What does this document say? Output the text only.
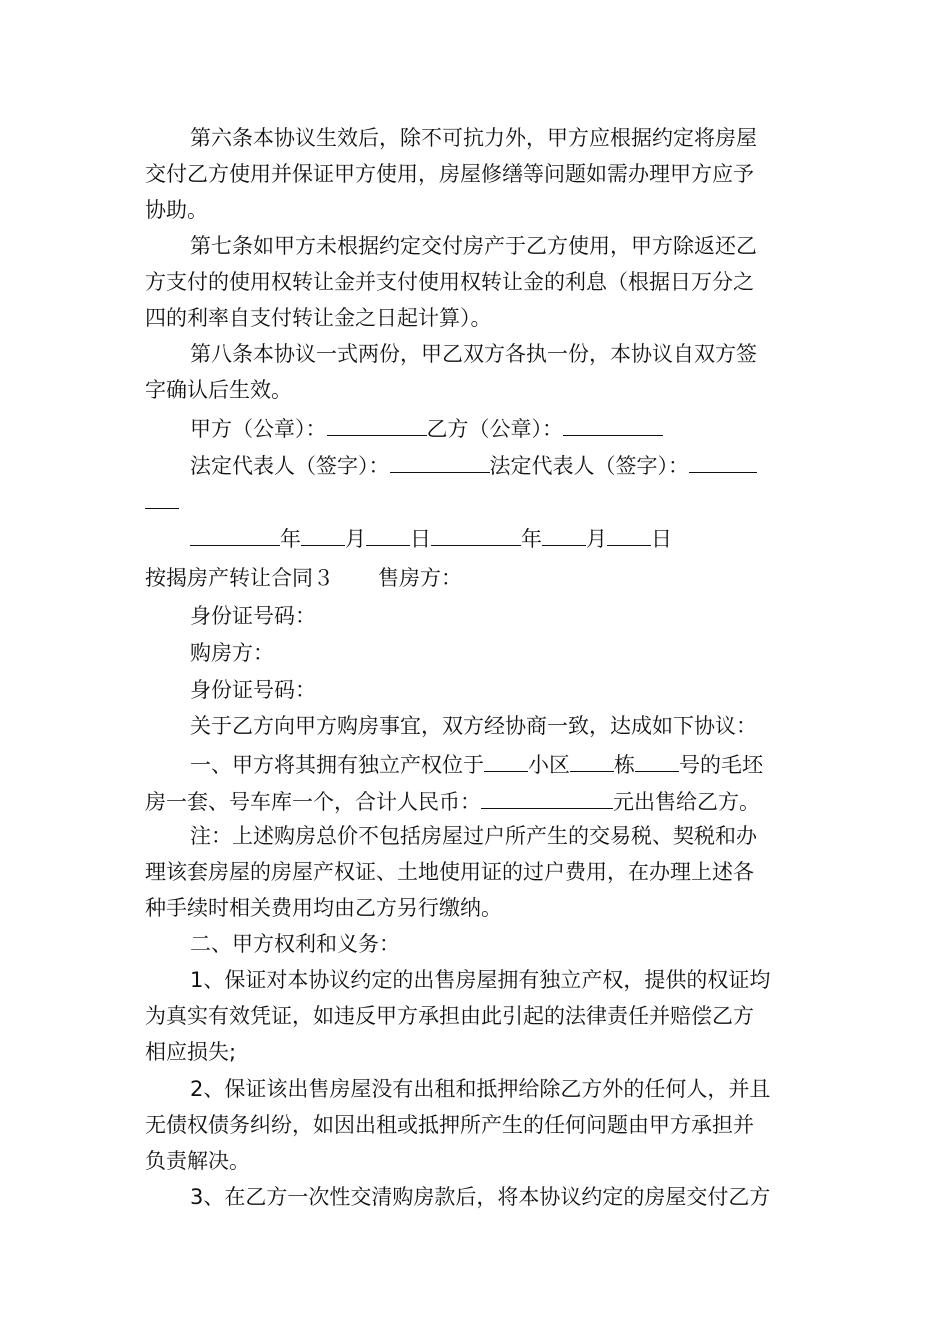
第六条本协议生效后，除不可抗力外，甲方应根据约定将房屋
交付乙方使用并保证甲方使用，房屋修缮等问题如需办理甲方应予
协助。
第七条如甲方未根据约定交付房产于乙方使用，甲方除返还乙
方支付的使用权转让金并支付使用权转让金的利息（根据日万分之
四的利率自支付转让金之日起计算）。
第八条本协议一式两份，甲乙双方各执一份，本协议自双方签
字确认后生效。
甲方（公章）：	乙方（公章）：
法定代表人（签字）：	法定代表人（签字）：
年 月 日	年 月 日
按揭房产转让合同３ 售房方：
身份证号码：
购房方：
身份证号码：
关于乙方向甲方购房事宜，双方经协商一致，达成如下协议：
一、甲方将其拥有独立产权位于 小区 栋 号的毛坯
房一套、号车库一个，合计人民币：	元出售给乙方。
注：上述购房总价不包括房屋过户所产生的交易税、契税和办
理该套房屋的房屋产权证、土地使用证的过户费用，在办理上述各
种手续时相关费用均由乙方另行缴纳。
二、甲方权利和义务：
1、保证对本协议约定的出售房屋拥有独立产权，提供的权证均
为真实有效凭证，如违反甲方承担由此引起的法律责任并赔偿乙方
相应损失;
2、保证该出售房屋没有出租和抵押给除乙方外的任何人，并且
无债权债务纠纷，如因出租或抵押所产生的任何问题由甲方承担并
负责解决。
3、在乙方一次性交清购房款后，将本协议约定的房屋交付乙方
